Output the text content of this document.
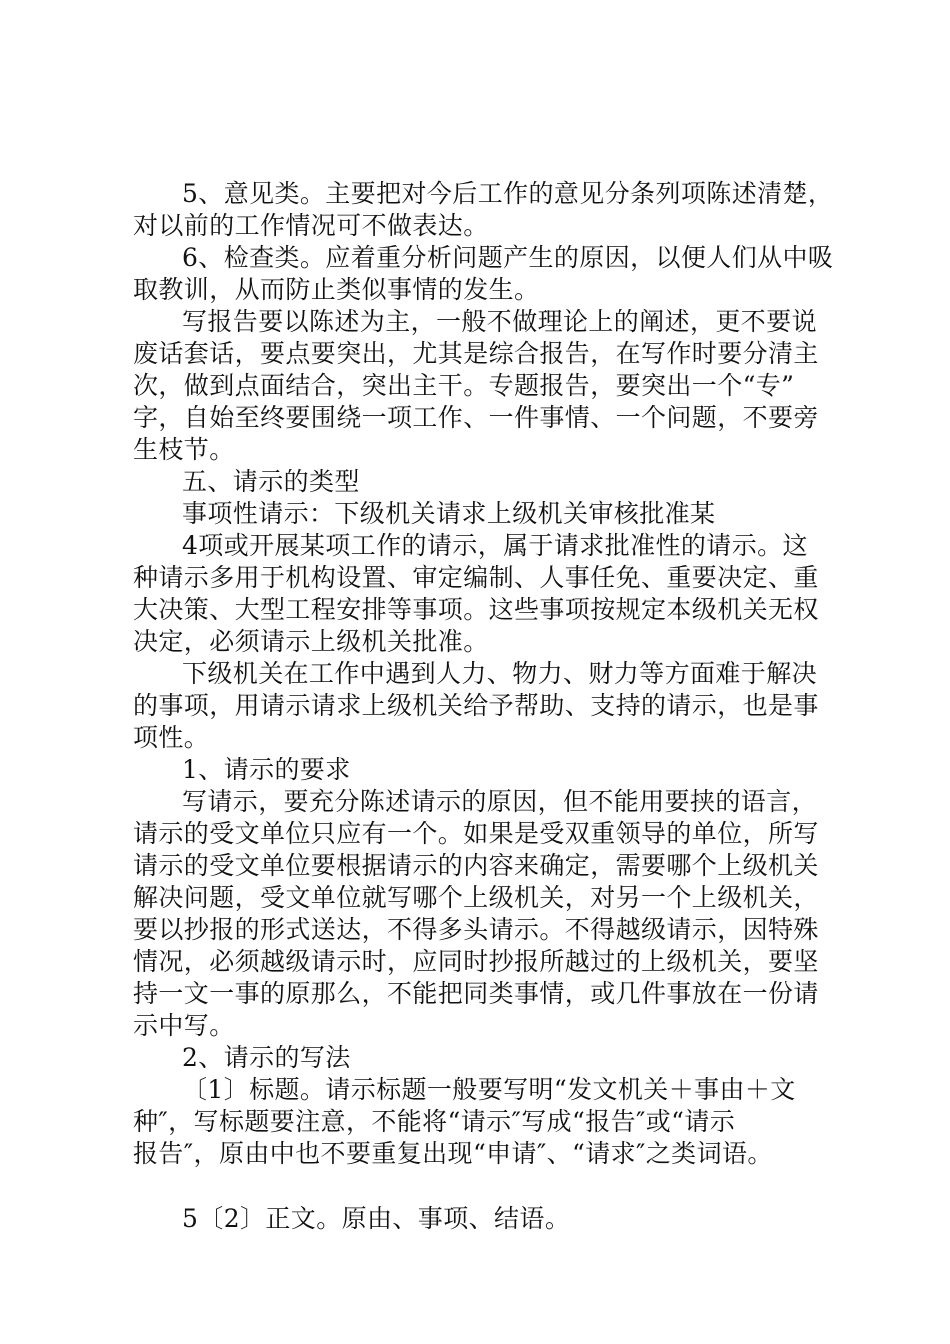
5、意见类。主要把对今后工作的意见分条列项陈述清楚，
对以前的工作情况可不做表达。
6、检查类。应着重分析问题产生的原因，以便人们从中吸
取教训，从而防止类似事情的发生。
写报告要以陈述为主，一般不做理论上的阐述，更不要说
废话套话，要点要突出，尤其是综合报告，在写作时要分清主
次，做到点面结合，突出主干。专题报告，要突出一个“专”
字，自始至终要围绕一项工作、一件事情、一个问题，不要旁
生枝节。
五、请示的类型
事项性请示：下级机关请求上级机关审核批准某
4项或开展某项工作的请示，属于请求批准性的请示。这
种请示多用于机构设置、审定编制、人事任免、重要决定、重
大决策、大型工程安排等事项。这些事项按规定本级机关无权
决定，必须请示上级机关批准。
下级机关在工作中遇到人力、物力、财力等方面难于解决
的事项，用请示请求上级机关给予帮助、支持的请示，也是事
项性。
1、请示的要求
写请示，要充分陈述请示的原因，但不能用要挟的语言，
请示的受文单位只应有一个。如果是受双重领导的单位，所写
请示的受文单位要根据请示的内容来确定，需要哪个上级机关
解决问题，受文单位就写哪个上级机关，对另一个上级机关，
要以抄报的形式送达，不得多头请示。不得越级请示，因特殊
情况，必须越级请示时，应同时抄报所越过的上级机关，要坚
持一文一事的原那么，不能把同类事情，或几件事放在一份请
示中写。
2、请示的写法
〔1〕标题。请示标题一般要写明“发文机关＋事由＋文
种″，写标题要注意，不能将“请示″写成“报告″或“请示
报告″，原由中也不要重复出现“申请″、“请求″之类词语。
5〔2〕正文。原由、事项、结语。
